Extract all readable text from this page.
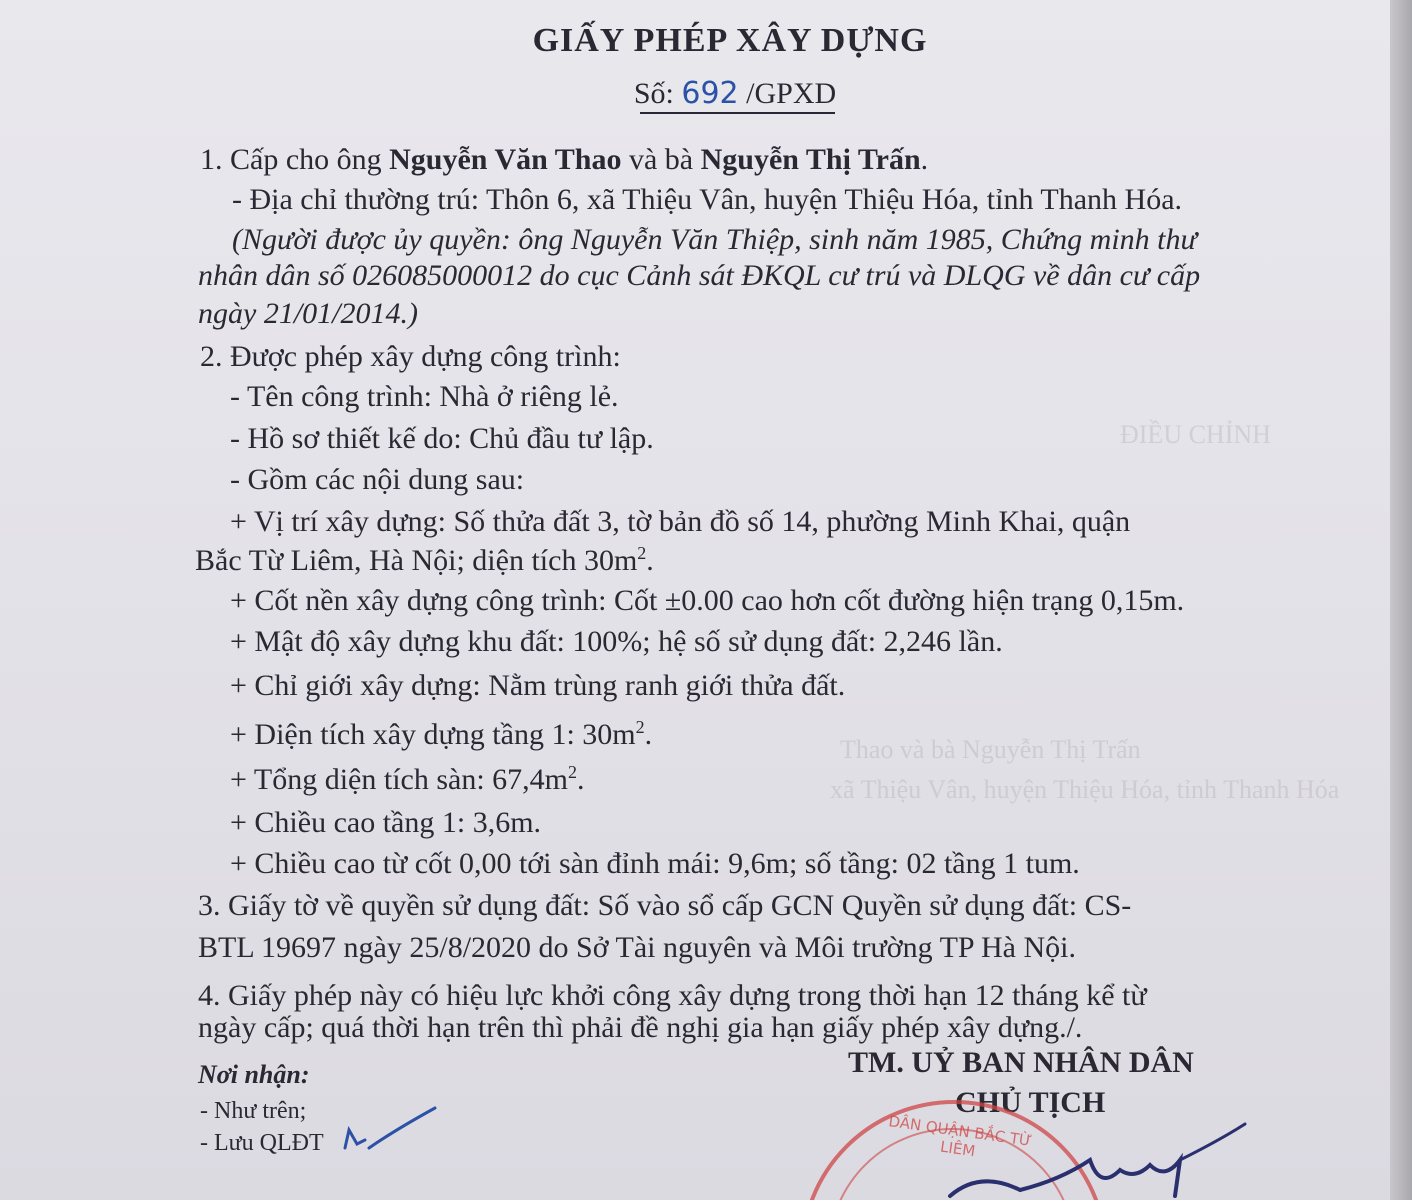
ĐIỀU CHỈNH
Thao và bà Nguyễn Thị Trấn
xã Thiệu Vân, huyện Thiệu Hóa, tỉnh Thanh Hóa
GIẤY PHÉP XÂY DỰNG
Số: 692 /GPXD
1. Cấp cho ông Nguyễn Văn Thao và bà Nguyễn Thị Trấn.
- Địa chỉ thường trú: Thôn 6, xã Thiệu Vân, huyện Thiệu Hóa, tỉnh Thanh Hóa.
(Người được ủy quyền: ông Nguyễn Văn Thiệp, sinh năm 1985, Chứng minh thư
nhân dân số 026085000012 do cục Cảnh sát ĐKQL cư trú và DLQG về dân cư cấp
ngày 21/01/2014.)
2. Được phép xây dựng công trình:
- Tên công trình: Nhà ở riêng lẻ.
- Hồ sơ thiết kế do: Chủ đầu tư lập.
- Gồm các nội dung sau:
+ Vị trí xây dựng: Số thửa đất 3, tờ bản đồ số 14, phường Minh Khai, quận
Bắc Từ Liêm, Hà Nội; diện tích $30m^2$.
+ Cốt nền xây dựng công trình: Cốt ±0.00 cao hơn cốt đường hiện trạng 0,15m.
+ Mật độ xây dựng khu đất: 100%; hệ số sử dụng đất: 2,246 lần.
+ Chỉ giới xây dựng: Nằm trùng ranh giới thửa đất.
+ Diện tích xây dựng tầng 1: $30m^2$.
+ Tổng diện tích sàn: $67,4m^2$.
+ Chiều cao tầng 1: 3,6m.
+ Chiều cao từ cốt 0,00 tới sàn đỉnh mái: 9,6m; số tầng: 02 tầng 1 tum.
3. Giấy tờ về quyền sử dụng đất: Số vào sổ cấp GCN Quyền sử dụng đất: CS-
BTL 19697 ngày 25/8/2020 do Sở Tài nguyên và Môi trường TP Hà Nội.
4. Giấy phép này có hiệu lực khởi công xây dựng trong thời hạn 12 tháng kể từ
ngày cấp; quá thời hạn trên thì phải đề nghị gia hạn giấy phép xây dựng./.
Nơi nhận:
- Như trên;
- Lưu QLĐT
TM. UỶ BAN NHÂN DÂN
CHỦ TỊCH
DÂN QUẬN BẮC TỪ LIÊM
